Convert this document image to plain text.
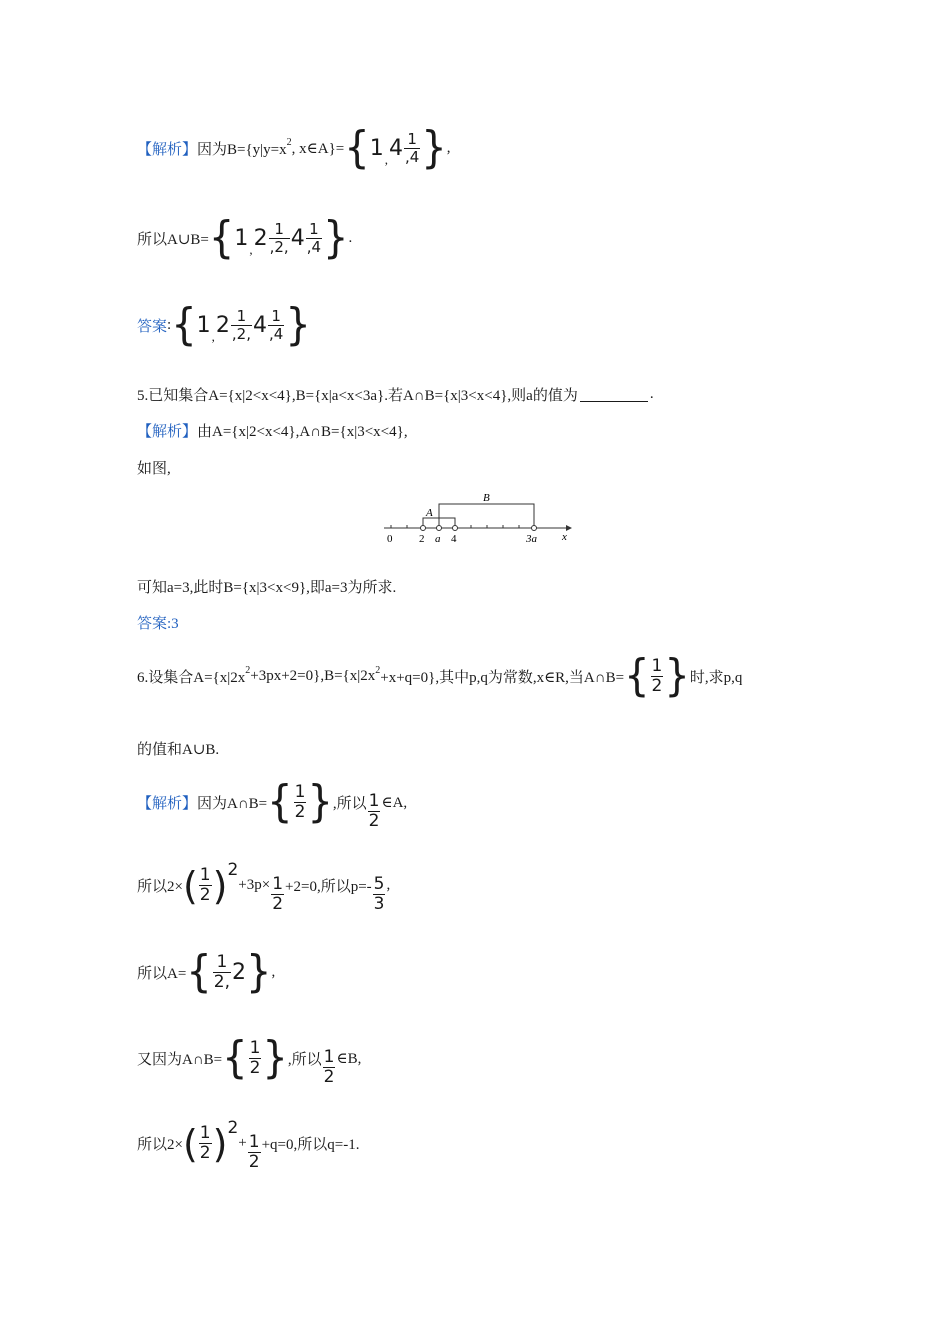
【解析】 因为B={y|y=x 2 , x∈A}= { 1 , $4 \frac{1}{,4}$ } ,
所以A∪B= { 1 , $2 \frac{1}{,2,} 4 \frac{1}{,4}$ } .
答案 : { 1 , $2 \frac{1}{,2,} 4 \frac{1}{,4}$ }
5.已知集合A={x|2<x<4},B={x|a<x<3a}.若A∩B={x|3<x<4},则a的值为	.
【解析】 由A={x|2<x<4},A∩B={x|3<x<4},
如图,
A
B
0 2 a 4	3a x
可知a=3,此时B={x|3<x<9},即a=3为所求.
答案:3
6.设集合A={x|2x 2 +3px+2=0},B={x|2x 2 +x+q=0},其中p,q为常数,x∈R,当A∩B= { $\frac{1}{2}$ } 时,求p,q
的值和A∪B.
【解析】 因为A∩B= { $\frac{1}{2}$ } ,所以 $\frac{1}{2}$ ∈A,
所以2× ( $\frac{1}{2}$ ) 2
$+3p\times \frac{1}{2} +2=0$,所以$p=- \frac{5}{3}$ ,
所以A= { $\frac{1}{2,} 2$ } ,
又因为A∩B= { $\frac{1}{2}$ } ,所以 $\frac{1}{2}$ ∈B,
所以2× ( $\frac{1}{2}$ ) 2
+ $\frac{1}{2} +q=0$,所以q=-1.
